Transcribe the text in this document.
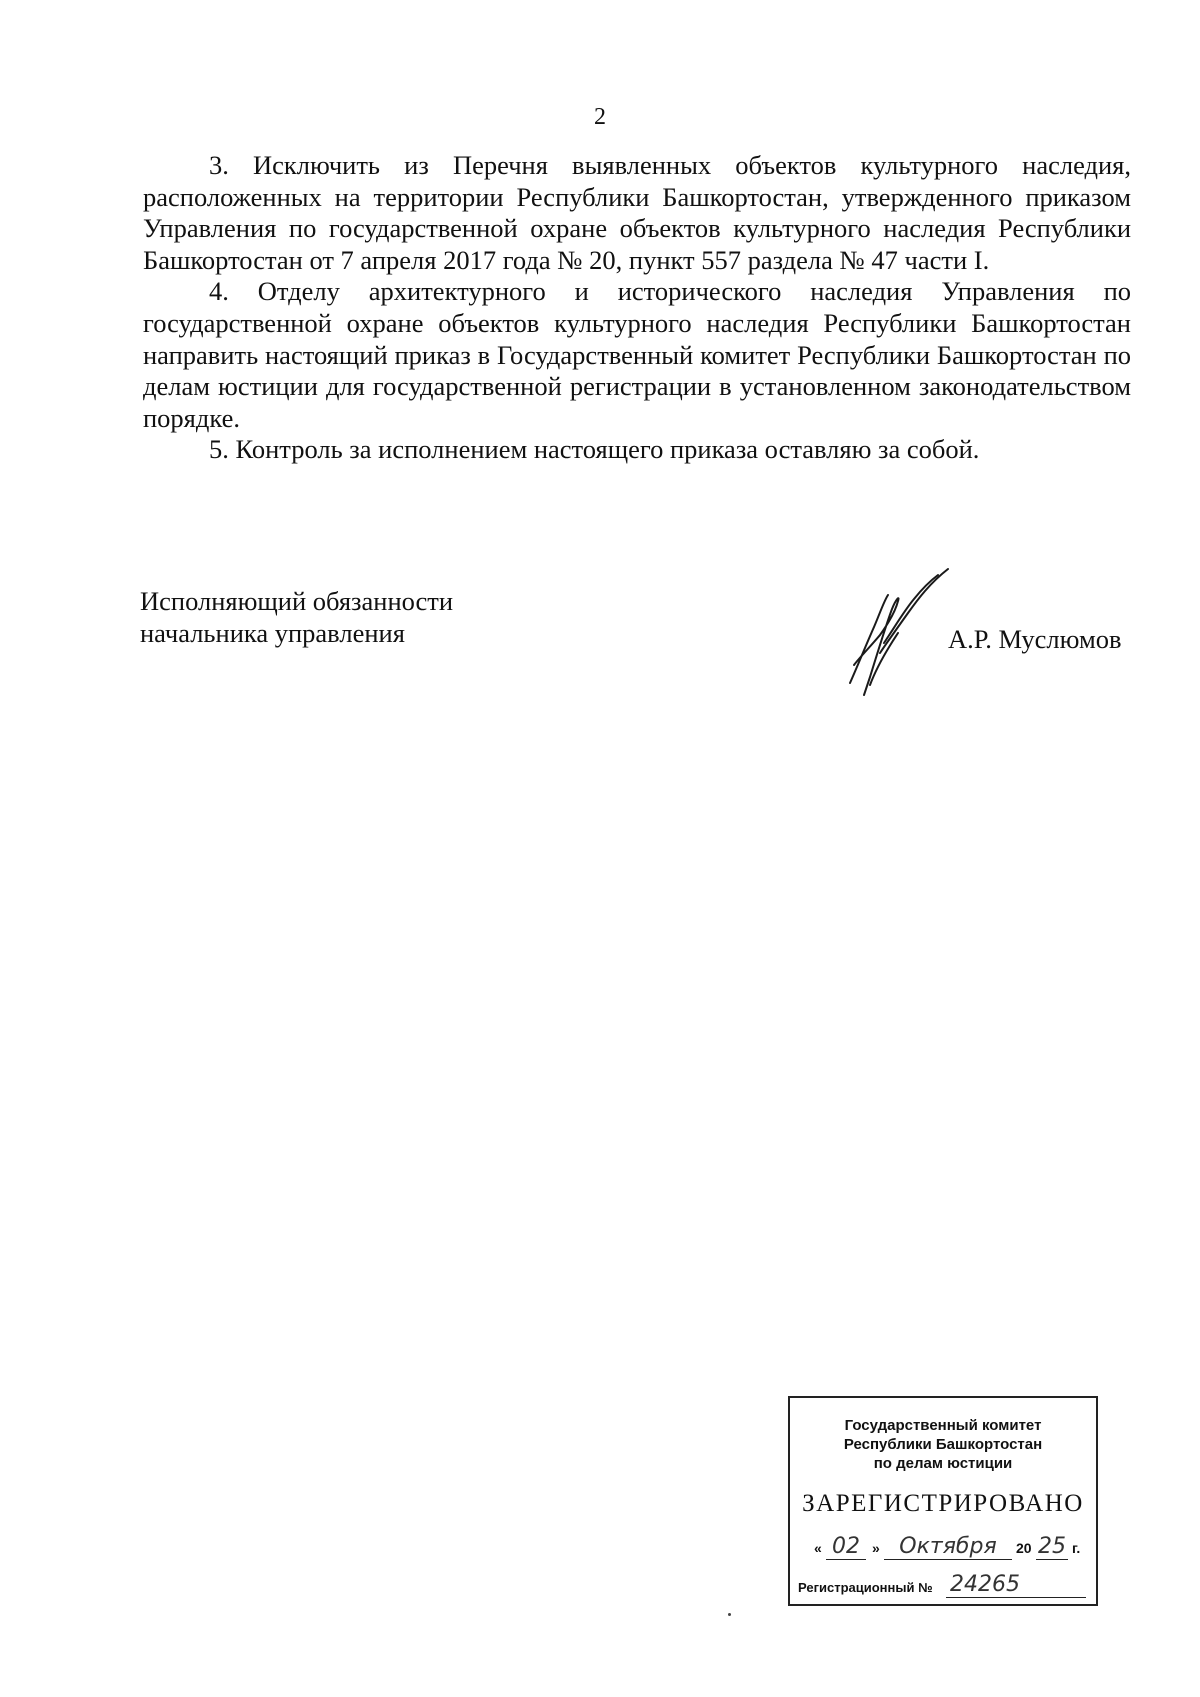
2

3. Исключить из Перечня выявленных объектов культурного наследия, расположенных на территории Республики Башкортостан, утвержденного приказом Управления по государственной охране объектов культурного наследия Республики Башкортостан от 7 апреля 2017 года № 20, пункт 557 раздела № 47 части I.

4. Отделу архитектурного и исторического наследия Управления по государственной охране объектов культурного наследия Республики Башкортостан направить настоящий приказ в Государственный комитет Республики Башкортостан по делам юстиции для государственной регистрации в установленном законодательством порядке.

5. Контроль за исполнением настоящего приказа оставляю за собой.

Исполняющий обязанности
начальника управления	А.Р. Муслюмов
Государственный комитет
Республики Башкортостан
по делам юстиции
ЗАРЕГИСТРИРОВАНО
« 02 » Октября	20 25 г.
Регистрационный № 24265
